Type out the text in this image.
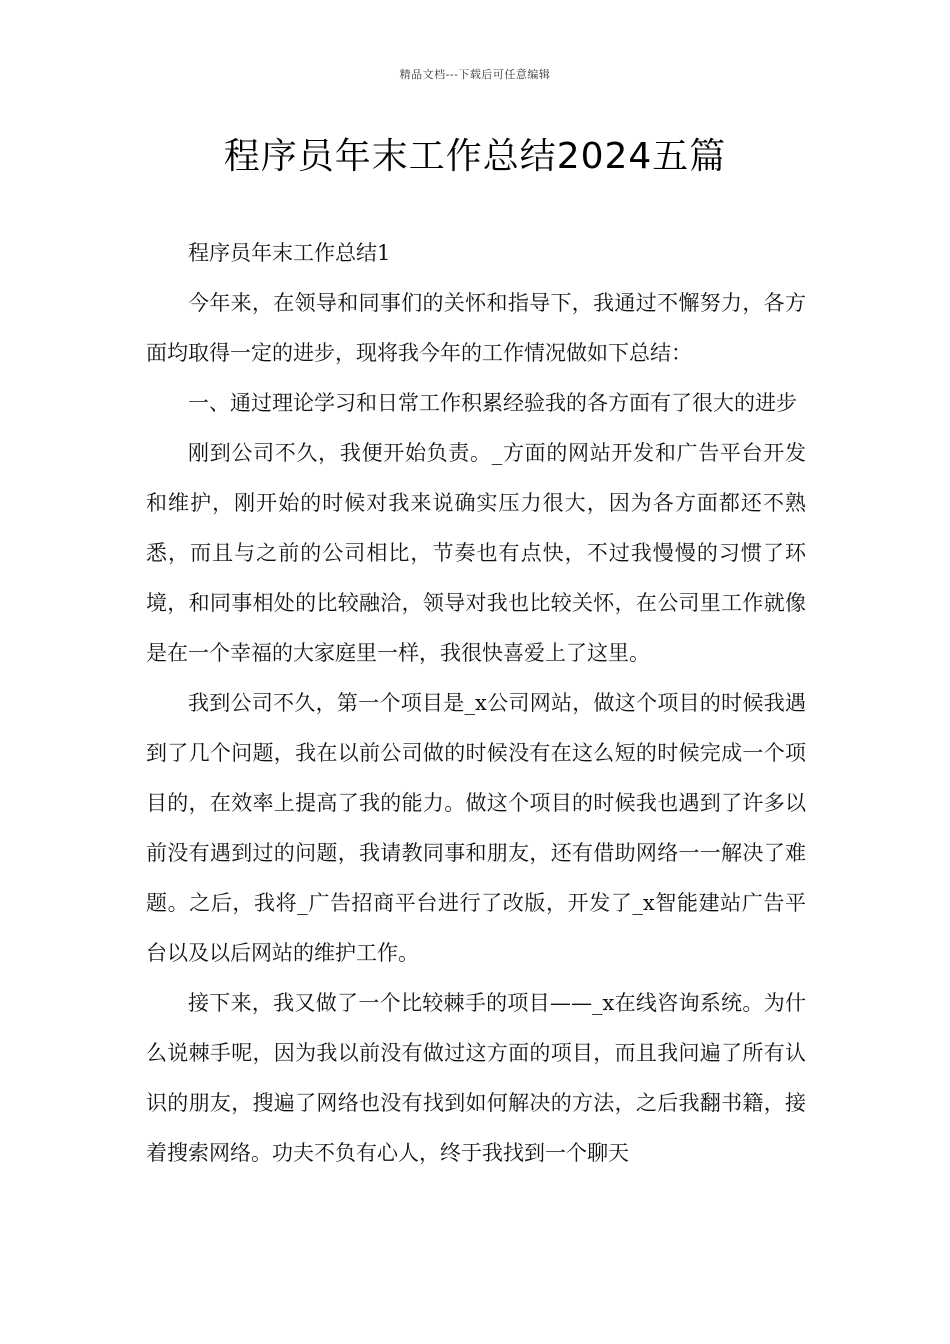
精品文档---下载后可任意编辑
程序员年末工作总结2024五篇

程序员年末工作总结1

今年来，在领导和同事们的关怀和指导下，我通过不懈努力，各方面均取得一定的进步，现将我今年的工作情况做如下总结：

一、通过理论学习和日常工作积累经验我的各方面有了很大的进步

刚到公司不久，我便开始负责。_方面的网站开发和广告平台开发和维护，刚开始的时候对我来说确实压力很大，因为各方面都还不熟悉，而且与之前的公司相比，节奏也有点快，不过我慢慢的习惯了环境，和同事相处的比较融洽，领导对我也比较关怀，在公司里工作就像是在一个幸福的大家庭里一样，我很快喜爱上了这里。

我到公司不久，第一个项目是_x公司网站，做这个项目的时候我遇到了几个问题，我在以前公司做的时候没有在这么短的时候完成一个项目的，在效率上提高了我的能力。做这个项目的时候我也遇到了许多以前没有遇到过的问题，我请教同事和朋友，还有借助网络一一解决了难题。之后，我将_广告招商平台进行了改版，开发了_x智能建站广告平台以及以后网站的维护工作。

接下来，我又做了一个比较棘手的项目——_x在线咨询系统。为什么说棘手呢，因为我以前没有做过这方面的项目，而且我问遍了所有认识的朋友，搜遍了网络也没有找到如何解决的方法，之后我翻书籍，接着搜索网络。功夫不负有心人，终于我找到一个聊天
